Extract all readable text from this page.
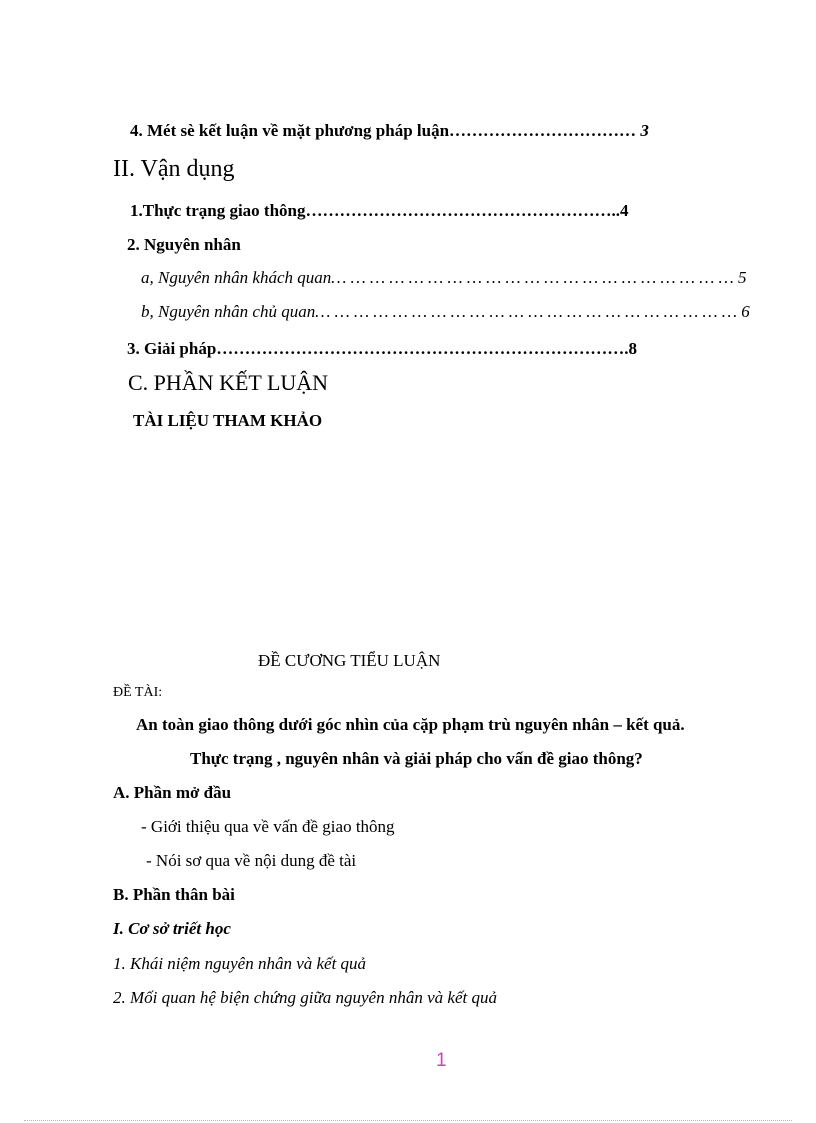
4. Mét sè kết luận về mặt phương pháp luận…………………………… 3
II. Vận dụng
1.Thực trạng giao thông………………………………………………..4
2. Nguyên nhân
a, Nguyên nhân khách quan… … … … … … … … … … … … … … … … … … … … … 5
b, Nguyên nhân chủ quan… … … … … … … … … … … … … … … … … … … … … … 6
3. Giải pháp……………………………………………………………….8
C. PHẦN KẾT LUẬN
TÀI LIỆU THAM KHẢO
ĐỀ CƯƠNG TIỂU LUẬN
ĐỀ TÀI:
An toàn giao thông dưới góc nhìn của cặp phạm trù nguyên nhân – kết quả.
Thực trạng , nguyên nhân và giải pháp cho vấn đề giao thông?
A. Phần mở đầu
- Giới thiệu qua về vấn đề giao thông
- Nói sơ qua về nội dung đề tài
B. Phần thân bài
I. Cơ sở triết học
1. Khái niệm nguyên nhân và kết quả
2. Mối quan hệ biện chứng giữa nguyên nhân và kết quả
1
